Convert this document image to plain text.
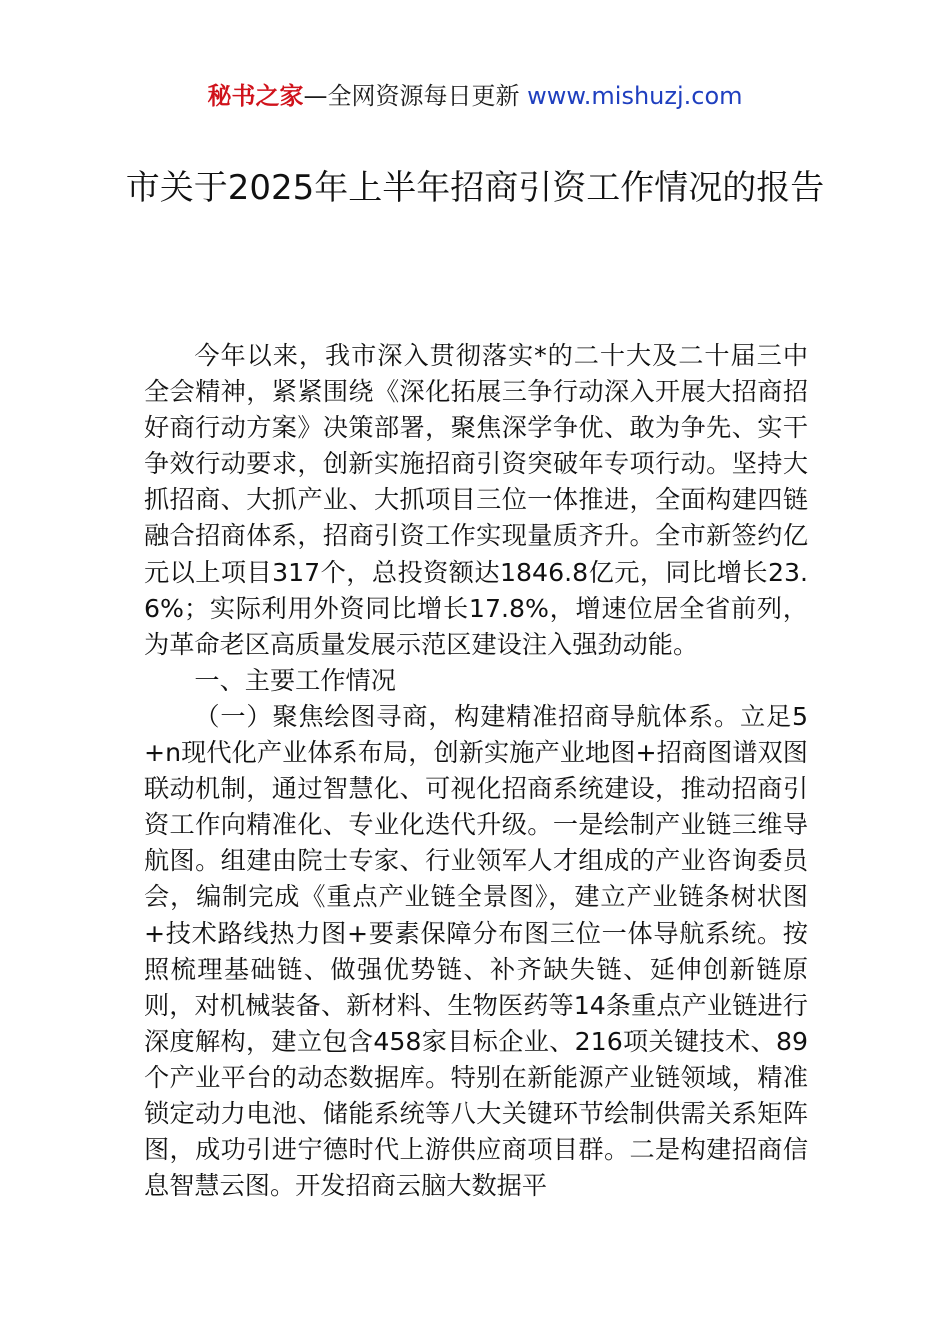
秘书之家—全网资源每日更新 www.mishuzj.com
市关于2025年上半年招商引资工作情况的报告

今年以来，我市深入贯彻落实*的二十大及二十届三中全会精神，紧紧围绕《深化拓展三争行动深入开展大招商招好商行动方案》决策部署，聚焦深学争优、敢为争先、实干争效行动要求，创新实施招商引资突破年专项行动。坚持大抓招商、大抓产业、大抓项目三位一体推进，全面构建四链融合招商体系，招商引资工作实现量质齐升。全市新签约亿元以上项目317个，总投资额达1846.8亿元，同比增长23.6%；实际利用外资同比增长17.8%，增速位居全省前列，为革命老区高质量发展示范区建设注入强劲动能。

一、主要工作情况

（一）聚焦绘图寻商，构建精准招商导航体系。立足5+n现代化产业体系布局，创新实施产业地图+招商图谱双图联动机制，通过智慧化、可视化招商系统建设，推动招商引资工作向精准化、专业化迭代升级。一是绘制产业链三维导航图。组建由院士专家、行业领军人才组成的产业咨询委员会，编制完成《重点产业链全景图》，建立产业链条树状图+技术路线热力图+要素保障分布图三位一体导航系统。按照梳理基础链、做强优势链、补齐缺失链、延伸创新链原则，对机械装备、新材料、生物医药等14条重点产业链进行深度解构，建立包含458家目标企业、216项关键技术、89个产业平台的动态数据库。特别在新能源产业链领域，精准锁定动力电池、储能系统等八大关键环节绘制供需关系矩阵图，成功引进宁德时代上游供应商项目群。二是构建招商信息智慧云图。开发招商云脑大数据平
